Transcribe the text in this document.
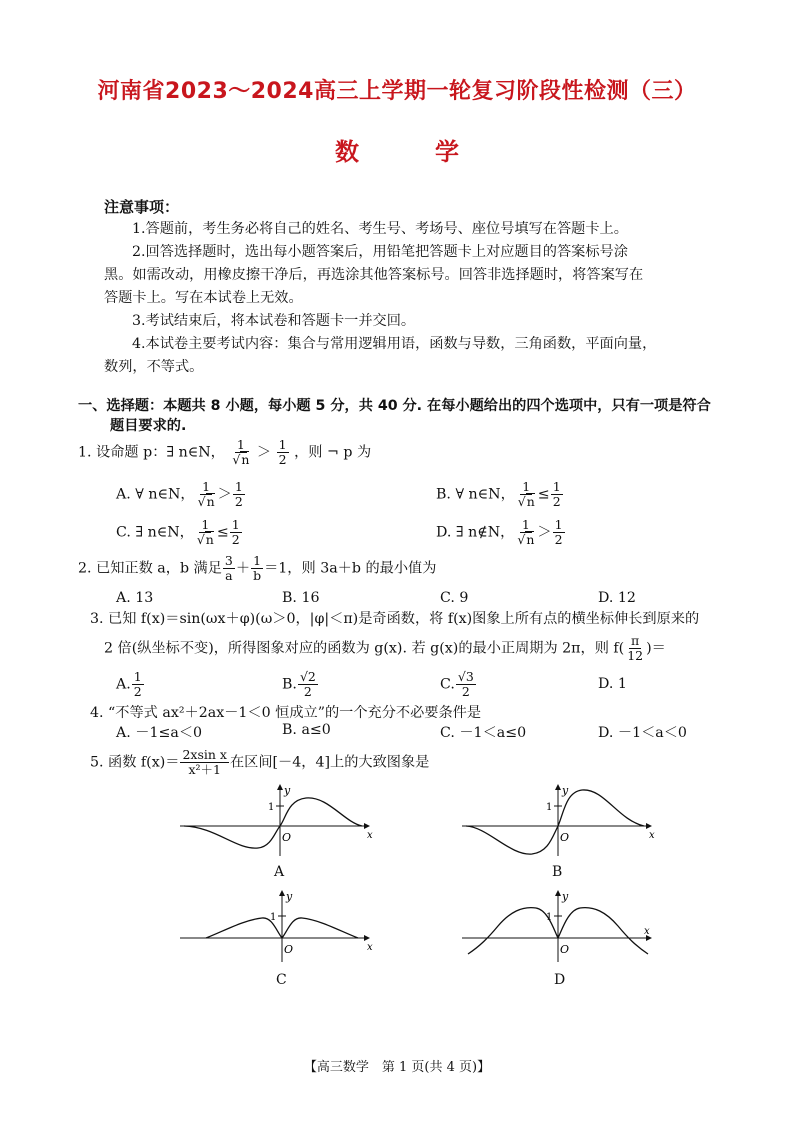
河南省2023～2024高三上学期一轮复习阶段性检测（三）
数	学
注意事项：
1.答题前，考生务必将自己的姓名、考生号、考场号、座位号填写在答题卡上。
2.回答选择题时，选出每小题答案后，用铅笔把答题卡上对应题目的答案标号涂
黑。如需改动，用橡皮擦干净后，再选涂其他答案标号。回答非选择题时，将答案写在
答题卡上。写在本试卷上无效。
3.考试结束后，将本试卷和答题卡一并交回。
4.本试卷主要考试内容：集合与常用逻辑用语，函数与导数，三角函数，平面向量，
数列，不等式。
一、选择题：本题共 8 小题，每小题 5 分，共 40 分. 在每小题给出的四个选项中，只有一项是符合
题目要求的.
1. 设命题 p：∃ n∈N， $\frac{1}{√n} > \frac{1}{2}$ ，则 ¬ p 为
A. ∀ n∈N， $\frac{1}{√n} > \frac{1}{2}$	B. ∀ n∈N， $\frac{1}{√n} \le \frac{1}{2}$
C. ∃ n∈N， $\frac{1}{√n} \le \frac{1}{2}$	D. ∃ n∉N， $\frac{1}{√n} > \frac{1}{2}$
2. 已知正数 a，b 满足 $\frac{3}{a} + \frac{1}{b} =1$，则 3a＋b 的最小值为
A. 13	B. 16	C. 9	D. 12
3. 已知 f(x)＝sin(ωx＋φ)(ω＞0，|φ|＜π)是奇函数，将 f(x)图象上所有点的横坐标伸长到原来的
2 倍(纵坐标不变)，所得图象对应的函数为 g(x). 若 g(x)的最小正周期为 2π，则 $f( \frac{\pi}{12}$ )＝
A. $\frac{1}{2}$	B. $\frac{√2}{2}$	C. $\frac{√3}{2}$	D. 1
4. “不等式 ax²＋2ax－1＜0 恒成立”的一个充分不必要条件是
A. －1≤a＜0	B. a≤0	C. －1＜a≤0	D. －1＜a＜0
5. 函数 $f(x)= \frac{\text{2xsin x}}{\text{x²＋1}}$ 在区间[－4，4]上的大致图象是
y
x
O
1
A
y
x
O
1
B
y
x
O
1
C
y
x
O
1
D
【高三数学　第 1 页(共 4 页)】
